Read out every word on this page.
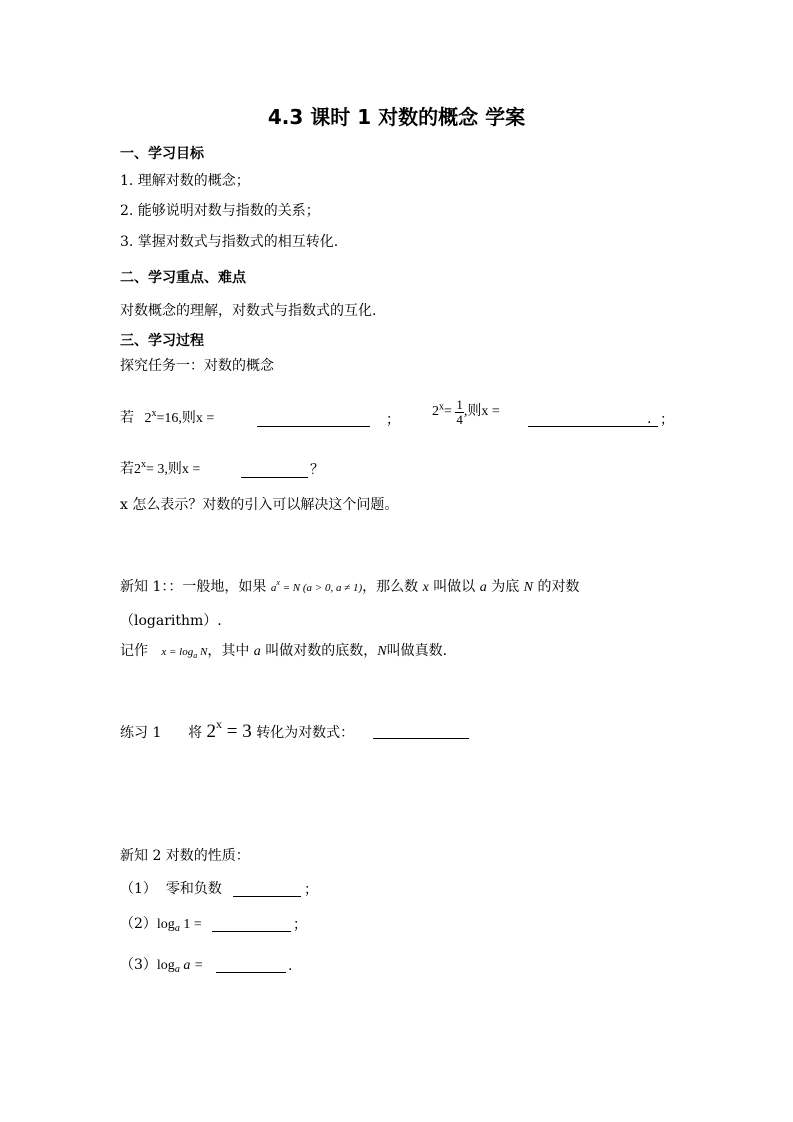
4.3 课时 1 对数的概念 学案
一、学习目标
1. 理解对数的概念；
2. 能够说明对数与指数的关系；
3. 掌握对数式与指数式的相互转化.
二、学习重点、难点
对数概念的理解，对数式与指数式的互化.
三、学习过程
探究任务一：对数的概念
若 $2^x=16$,则x =	；
$2^x= \frac{1}{4}$ ,则x =	. ；
若$2^x= 3$,则x =	？
x 怎么表示？对数的引入可以解决这个问题。
新知 1：：一般地，如果 $a^x = N$ (a > 0, a ≠ 1)，那么数 x 叫做以 a 为底 N 的对数
（logarithm）.
记作 $x = \log_a N$，其中 a 叫做对数的底数，N叫做真数.
练习 1 将 $2^x = 3$ 转化为对数式：
新知 2 对数的性质：
（1） 零和负数	；
$(2)\log_a$ 1 =	；
$(3)\log_a$ a =	.
